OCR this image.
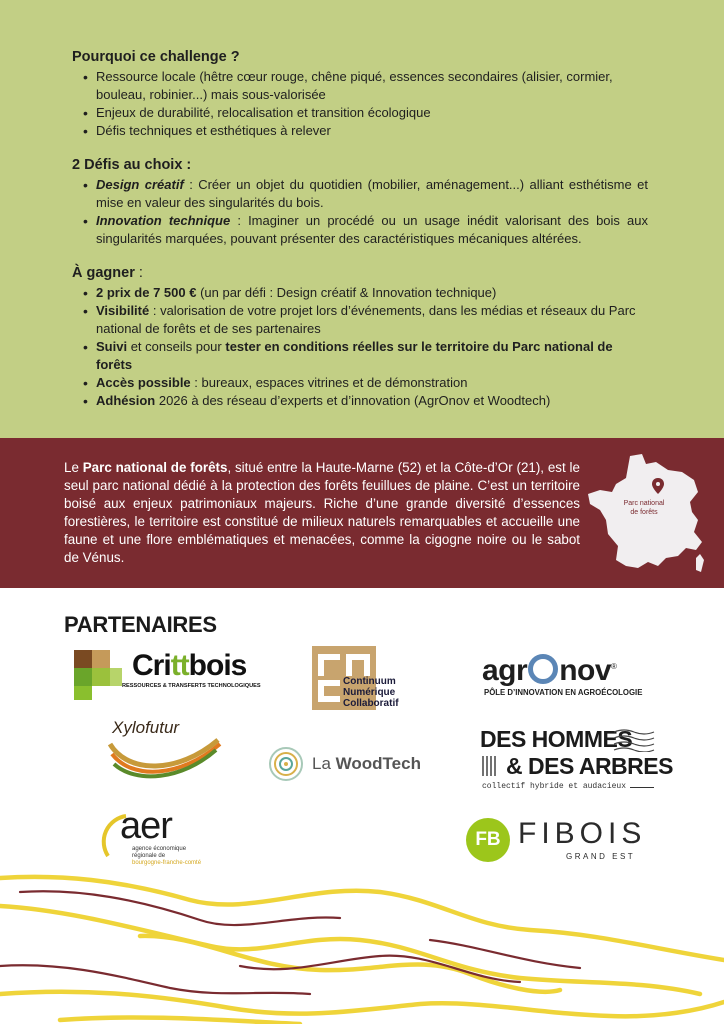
Pourquoi ce challenge ?
• Ressource locale (hêtre cœur rouge, chêne piqué, essences secondaires (alisier, cormier, bouleau, robinier...) mais sous-valorisée
• Enjeux de durabilité, relocalisation et transition écologique
• Défis techniques et esthétiques à relever
2 Défis au choix :
• Design créatif : Créer un objet du quotidien (mobilier, aménagement...) alliant esthétisme et mise en valeur des singularités du bois.
• Innovation technique : Imaginer un procédé ou un usage inédit valorisant des bois aux singularités marquées, pouvant présenter des caractéristiques mécaniques altérées.
À gagner :
• 2 prix de 7 500 € (un par défi : Design créatif & Innovation technique)
• Visibilité : valorisation de votre projet lors d’événements, dans les médias et réseaux du Parc national de forêts et de ses partenaires
• Suivi et conseils pour tester en conditions réelles sur le territoire du Parc national de forêts
• Accès possible : bureaux, espaces vitrines et de démonstration
• Adhésion 2026 à des réseau d’experts et d’innovation (AgrOnov et Woodtech)

Le Parc national de forêts, situé entre la Haute-Marne (52) et la Côte-d’Or (21), est le seul parc national dédié à la protection des forêts feuillues de plaine. C’est un territoire boisé aux enjeux patrimoniaux majeurs. Riche d’une grande diversité d’essences forestières, le territoire est constitué de milieux naturels remarquables et accueille une faune et une flore emblématiques et menacées, comme la cigogne noire ou le sabot de Vénus.

Parc national
de forêts
PARTENAIRES
Crittbois
RESSOURCES & TRANSFERTS TECHNOLOGIQUES	Continuum
Numérique
Collaboratif
agr nov®
PÔLE D’INNOVATION EN AGROÉCOLOGIE
Xylofutur
La WoodTech
DES HOMMES
& DES ARBRES
collectif hybride et audacieux
aer
agence économique
régionale de
bourgogne-franche-comté
FB FIBOIS
GRAND EST
